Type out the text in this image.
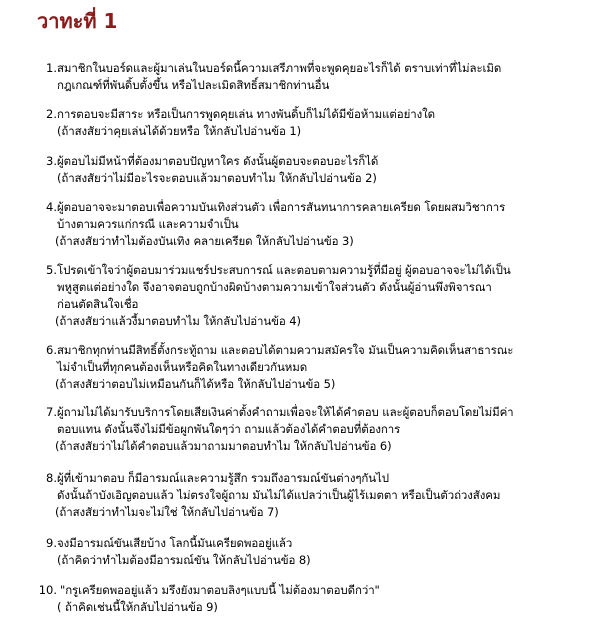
วาทะที่ 1
1. สมาชิกในบอร์ดและผู้มาเล่นในบอร์ดนี้ความเสรีภาพที่จะพูดคุยอะไรก็ได้ ตราบเท่าที่ไม่ละเมิด
กฎเกณฑ์ที่พันดิ้บตั้งขึ้น หรือไปละเมิดสิทธิ์สมาชิกท่านอื่น
2. การตอบจะมีสาระ หรือเป็นการพูดคุยเล่น ทางพันดิ้บก็ไม่ได้มีข้อห้ามแต่อย่างใด
(ถ้าสงสัยว่าคุยเล่นได้ด้วยหรือ ให้กลับไปอ่านข้อ 1)
3. ผู้ตอบไม่มีหน้าที่ต้องมาตอบปัญหาใคร ดังนั้นผู้ตอบจะตอบอะไรก็ได้
(ถ้าสงสัยว่าไม่มีอะไรจะตอบแล้วมาตอบทำไม ให้กลับไปอ่านข้อ 2)
4. ผู้ตอบอาจจะมาตอบเพื่อความบันเทิงส่วนตัว เพื่อการสันทนาการคลายเครียด โดยผสมวิชาการ
บ้างตามควรแก่กรณี และความจำเป็น
(ถ้าสงสัยว่าทำไมต้องบันเทิง คลายเครียด ให้กลับไปอ่านข้อ 3)
5. โปรดเข้าใจว่าผู้ตอบมาร่วมแชร์ประสบการณ์ และตอบตามความรู้ที่มีอยู่ ผู้ตอบอาจจะไม่ได้เป็น
พหูสูตแต่อย่างใด จึงอาจตอบถูกบ้างผิดบ้างตามความเข้าใจส่วนตัว ดังนั้นผู้อ่านพึงพิจารณา
ก่อนตัดสินใจเชื่อ
(ถ้าสงสัยว่าแล้วงี้มาตอบทำไม ให้กลับไปอ่านข้อ 4)
6. สมาชิกทุกท่านมีสิทธิ์ตั้งกระทู้ถาม และตอบได้ตามความสมัครใจ มันเป็นความคิดเห็นสาธารณะ
ไม่จำเป็นที่ทุกคนต้องเห็นหรือคิดในทางเดียวกันหมด
(ถ้าสงสัยว่าตอบไม่เหมือนกันก็ได้หรือ ให้กลับไปอ่านข้อ 5)
7. ผู้ถามไม่ได้มารับบริการโดยเสียเงินค่าตั้งคำถามเพื่อจะให้ได้คำตอบ และผู้ตอบก็ตอบโดยไม่มีค่า
ตอบแทน ดังนั้นจึงไม่มีข้อผูกพันใดๆว่า ถามแล้วต้องได้คำตอบที่ต้องการ
(ถ้าสงสัยว่าไม่ได้คำตอบแล้วมาถามมาตอบทำไม ให้กลับไปอ่านข้อ 6)
8. ผู้ที่เข้ามาตอบ ก็มีอารมณ์และความรู้สึก รวมถึงอารมณ์ขันต่างๆกันไป
ดังนั้นถ้าบังเอิญตอบแล้ว ไม่ตรงใจผู้ถาม มันไม่ได้แปลว่าเป็นผู้ไร้เมตตา หรือเป็นตัวถ่วงสังคม
(ถ้าสงสัยว่าทำไมจะไม่ใช่ ให้กลับไปอ่านข้อ 7)
9. จงมีอารมณ์ขันเสียบ้าง โลกนี้มันเครียดพออยู่แล้ว
(ถ้าคิดว่าทำไมต้องมีอารมณ์ขัน ให้กลับไปอ่านข้อ 8)
10. "กรูเครียดพออยู่แล้ว มรึงยังมาตอบลิงๆแบบนี้ ไม่ต้องมาตอบดีกว่า"
( ถ้าคิดเช่นนี้ให้กลับไปอ่านข้อ 9)
